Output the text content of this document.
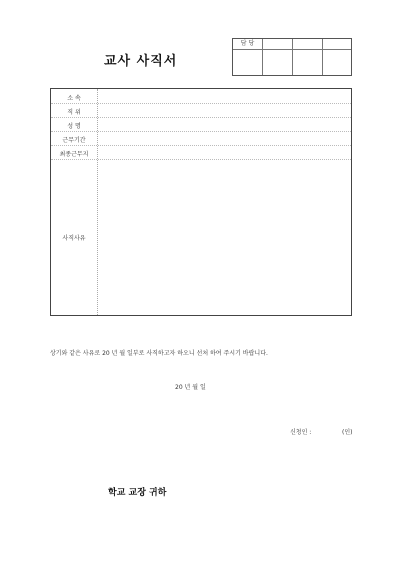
교사 사직서
담 당
소 속
직 위
성 명
근무기간
최종근무지
사직사유
상기와 같은 사유로 20 년 월 일부로 사직하고자 하오니 선처 하여 주시기 바랍니다.
20 년 월 일
신청인 :	(인)
학교 교장 귀하
